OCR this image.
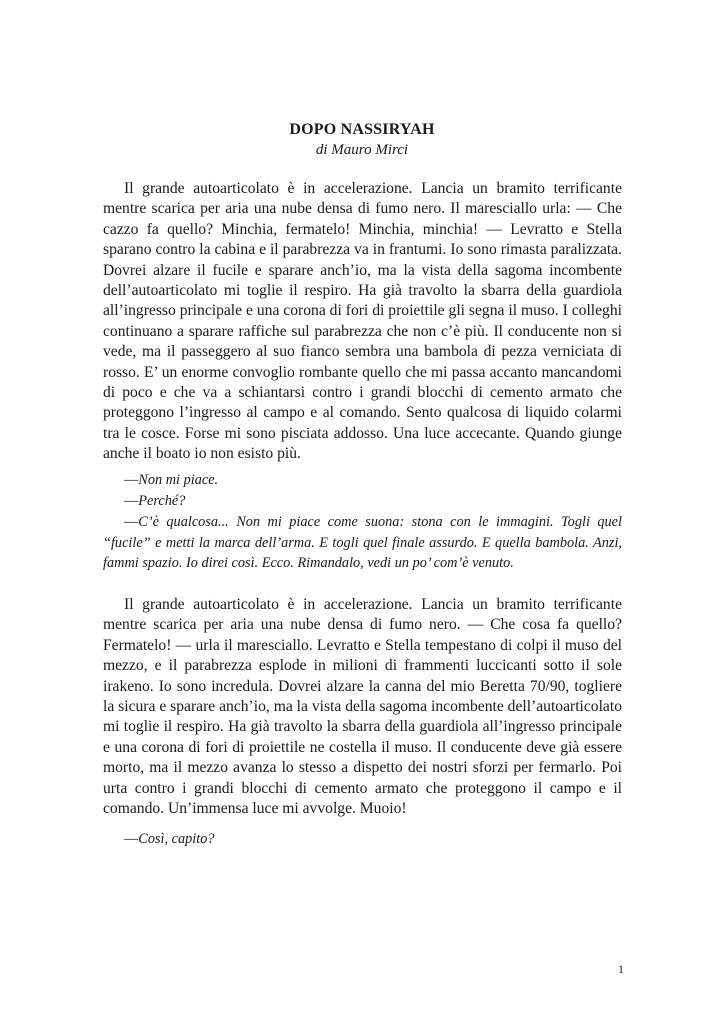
DOPO NASSIRYAH
di Mauro Mirci

Il grande autoarticolato è in accelerazione. Lancia un bramito terrificante mentre scarica per aria una nube densa di fumo nero. Il maresciallo urla: — Che cazzo fa quello? Minchia, fermatelo! Minchia, minchia! — Levratto e Stella sparano contro la cabina e il parabrezza va in frantumi. Io sono rimasta paralizzata. Dovrei alzare il fucile e sparare anch’io, ma la vista della sagoma incombente dell’autoarticolato mi toglie il respiro. Ha già travolto la sbarra della guardiola all’ingresso principale e una corona di fori di proiettile gli segna il muso. I colleghi continuano a sparare raffiche sul parabrezza che non c’è più. Il conducente non si vede, ma il passeggero al suo fianco sembra una bambola di pezza verniciata di rosso. E’ un enorme convoglio rombante quello che mi passa accanto mancandomi di poco e che va a schiantarsi contro i grandi blocchi di cemento armato che proteggono l’ingresso al campo e al comando. Sento qualcosa di liquido colarmi tra le cosce. Forse mi sono pisciata addosso. Una luce accecante. Quando giunge anche il boato io non esisto più.

—Non mi piace.

—Perché?

—C’è qualcosa... Non mi piace come suona: stona con le immagini. Togli quel “fucile” e metti la marca dell’arma. E togli quel finale assurdo. E quella bambola. Anzi, fammi spazio. Io direi così. Ecco. Rimandalo, vedi un po’ com’è venuto.

Il grande autoarticolato è in accelerazione. Lancia un bramito terrificante mentre scarica per aria una nube densa di fumo nero. — Che cosa fa quello? Fermatelo! — urla il maresciallo. Levratto e Stella tempestano di colpi il muso del mezzo, e il parabrezza esplode in milioni di frammenti luccicanti sotto il sole irakeno. Io sono incredula. Dovrei alzare la canna del mio Beretta 70/90, togliere la sicura e sparare anch’io, ma la vista della sagoma incombente dell’autoarticolato mi toglie il respiro. Ha già travolto la sbarra della guardiola all’ingresso principale e una corona di fori di proiettile ne costella il muso. Il conducente deve già essere morto, ma il mezzo avanza lo stesso a dispetto dei nostri sforzi per fermarlo. Poi urta contro i grandi blocchi di cemento armato che proteggono il campo e il comando. Un’immensa luce mi avvolge. Muoio!

—Così, capito?

1
